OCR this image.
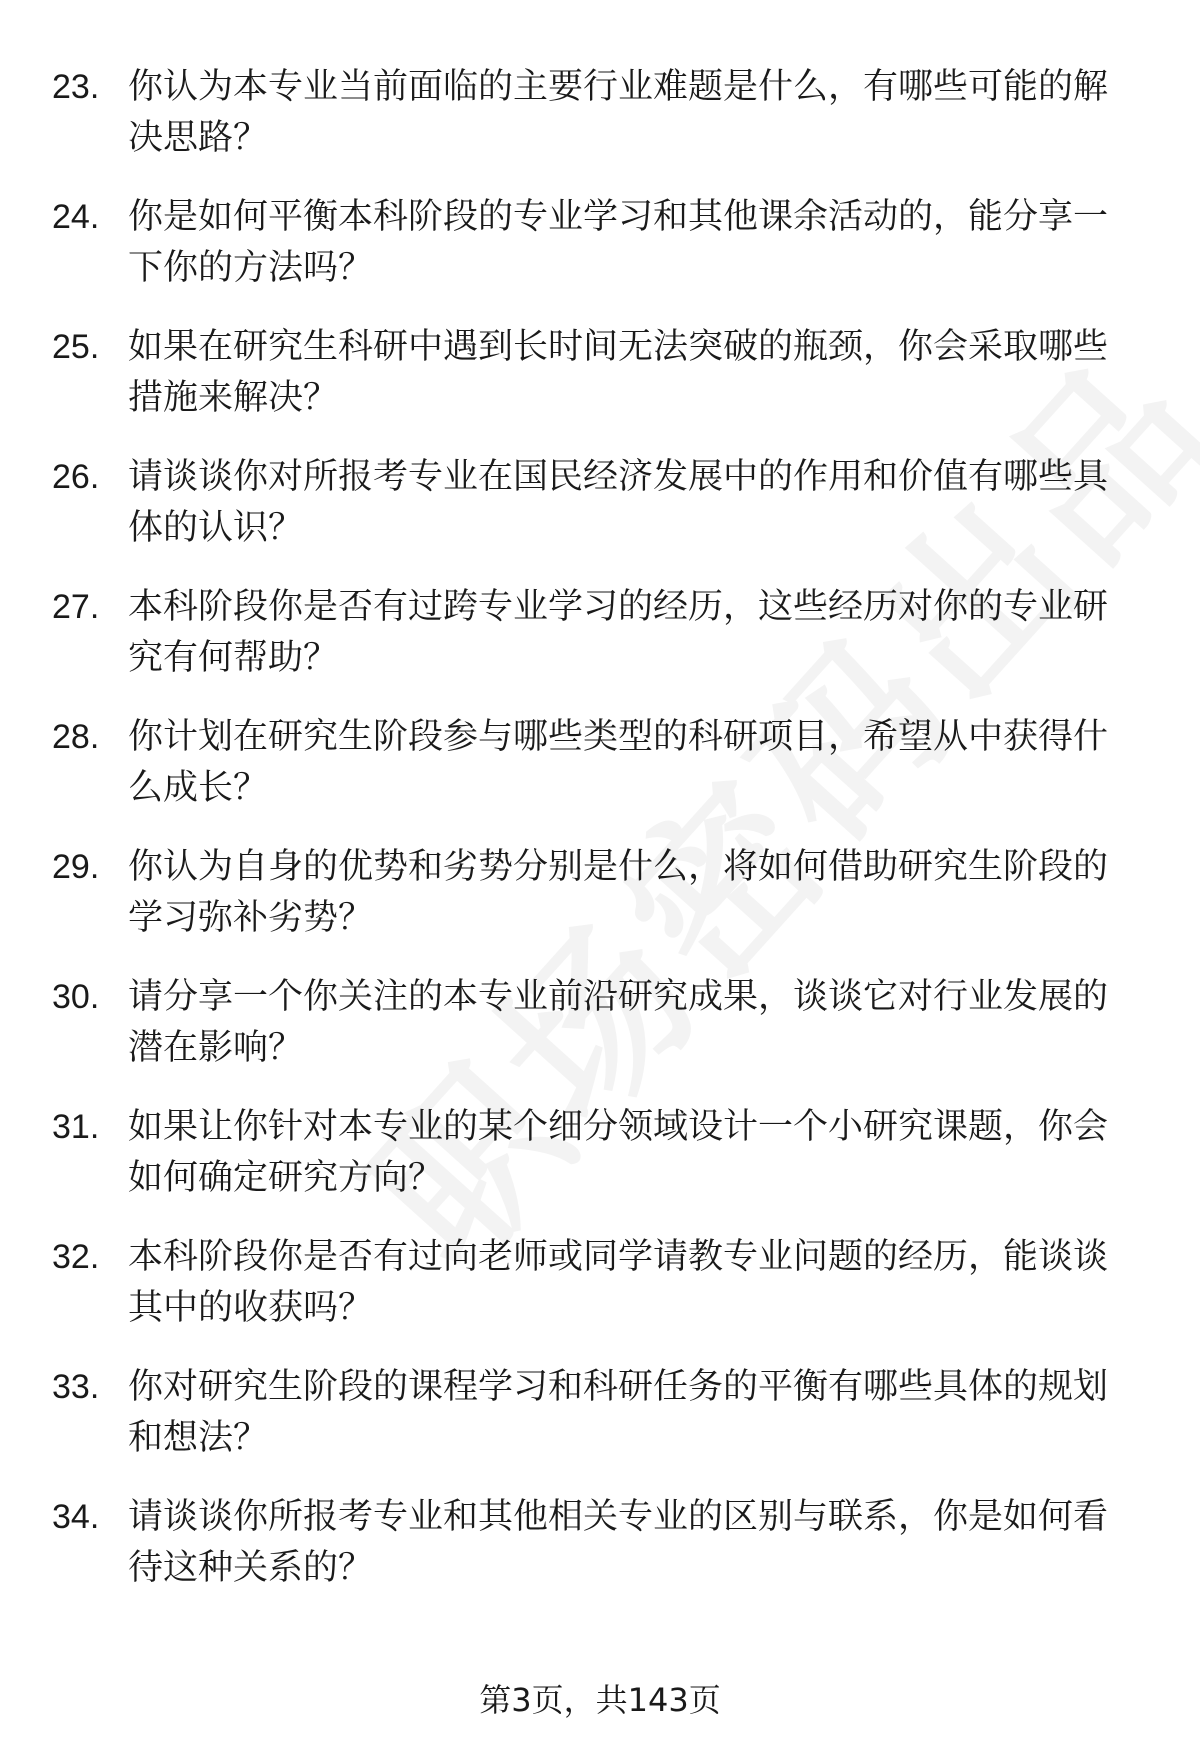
23. 你认为本专业当前面临的主要行业难题是什么，有哪些可能的解决思路？
24. 你是如何平衡本科阶段的专业学习和其他课余活动的，能分享一下你的方法吗？
25. 如果在研究生科研中遇到长时间无法突破的瓶颈，你会采取哪些措施来解决？
26. 请谈谈你对所报考专业在国民经济发展中的作用和价值有哪些具体的认识？
27. 本科阶段你是否有过跨专业学习的经历，这些经历对你的专业研究有何帮助？
28. 你计划在研究生阶段参与哪些类型的科研项目，希望从中获得什么成长？
29. 你认为自身的优势和劣势分别是什么，将如何借助研究生阶段的学习弥补劣势？
30. 请分享一个你关注的本专业前沿研究成果，谈谈它对行业发展的潜在影响？
31. 如果让你针对本专业的某个细分领域设计一个小研究课题，你会如何确定研究方向？
32. 本科阶段你是否有过向老师或同学请教专业问题的经历，能谈谈其中的收获吗？
33. 你对研究生阶段的课程学习和科研任务的平衡有哪些具体的规划和想法？
34. 请谈谈你所报考专业和其他相关专业的区别与联系，你是如何看待这种关系的？
第3页，共143页
